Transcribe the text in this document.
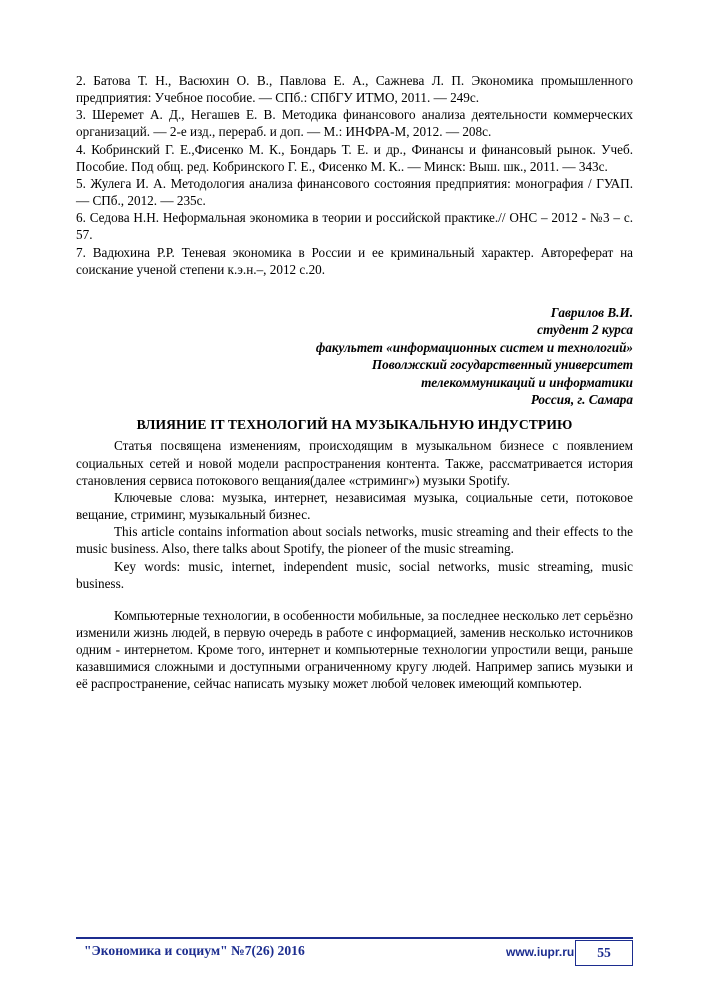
2. Батова Т. Н., Васюхин О. В., Павлова Е. А., Сажнева Л. П. Экономика промышленного предприятия: Учебное пособие. — СПб.: СПбГУ ИТМО, 2011. — 249с.

3. Шеремет А. Д., Негашев Е. В. Методика финансового анализа деятельности коммерческих организаций. — 2-е изд., перераб. и доп. — М.: ИНФРА-М, 2012. — 208с.

4. Кобринский Г. Е.,Фисенко М. К., Бондарь Т. Е. и др., Финансы и финансовый рынок. Учеб. Пособие. Под общ. ред. Кобринского Г. Е., Фисенко М. К.. — Минск: Выш. шк., 2011. — 343с.

5. Жулега И. А. Методология анализа финансового состояния предприятия: монография / ГУАП. — СПб., 2012. — 235с.

6. Седова Н.Н. Неформальная экономика в теории и российской практике.// ОНС – 2012 - №3 – с. 57.

7. Вадюхина Р.Р. Теневая экономика в России и ее криминальный характер. Автореферат на соискание ученой степени к.э.н.–, 2012 с.20.

Гаврилов В.И.
студент 2 курса
факультет «информационных систем и технологий»
Поволжский государственный университет
телекоммуникаций и информатики
Россия, г. Самара
ВЛИЯНИЕ IT ТЕХНОЛОГИЙ НА МУЗЫКАЛЬНУЮ ИНДУСТРИЮ

Статья посвящена изменениям, происходящим в музыкальном бизнесе с появлением социальных сетей и новой модели распространения контента. Также, рассматривается история становления сервиса потокового вещания(далее «стриминг») музыки Spotify.

Ключевые слова: музыка, интернет, независимая музыка, социальные сети, потоковое вещание, стриминг, музыкальный бизнес.

This article contains information about socials networks, music streaming and their effects to the music business. Also, there talks about Spotify, the pioneer of the music streaming.

Key words: music, internet, independent music, social networks, music streaming, music business.

Компьютерные технологии, в особенности мобильные, за последнее несколько лет серьёзно изменили жизнь людей, в первую очередь в работе с информацией, заменив несколько источников одним - интернетом. Кроме того, интернет и компьютерные технологии упростили вещи, раньше казавшимися сложными и доступными ограниченному кругу людей. Например запись музыки и её распространение, сейчас написать музыку может любой человек имеющий компьютер.

"Экономика и социум" №7(26) 2016	www.iupr.ru	55
